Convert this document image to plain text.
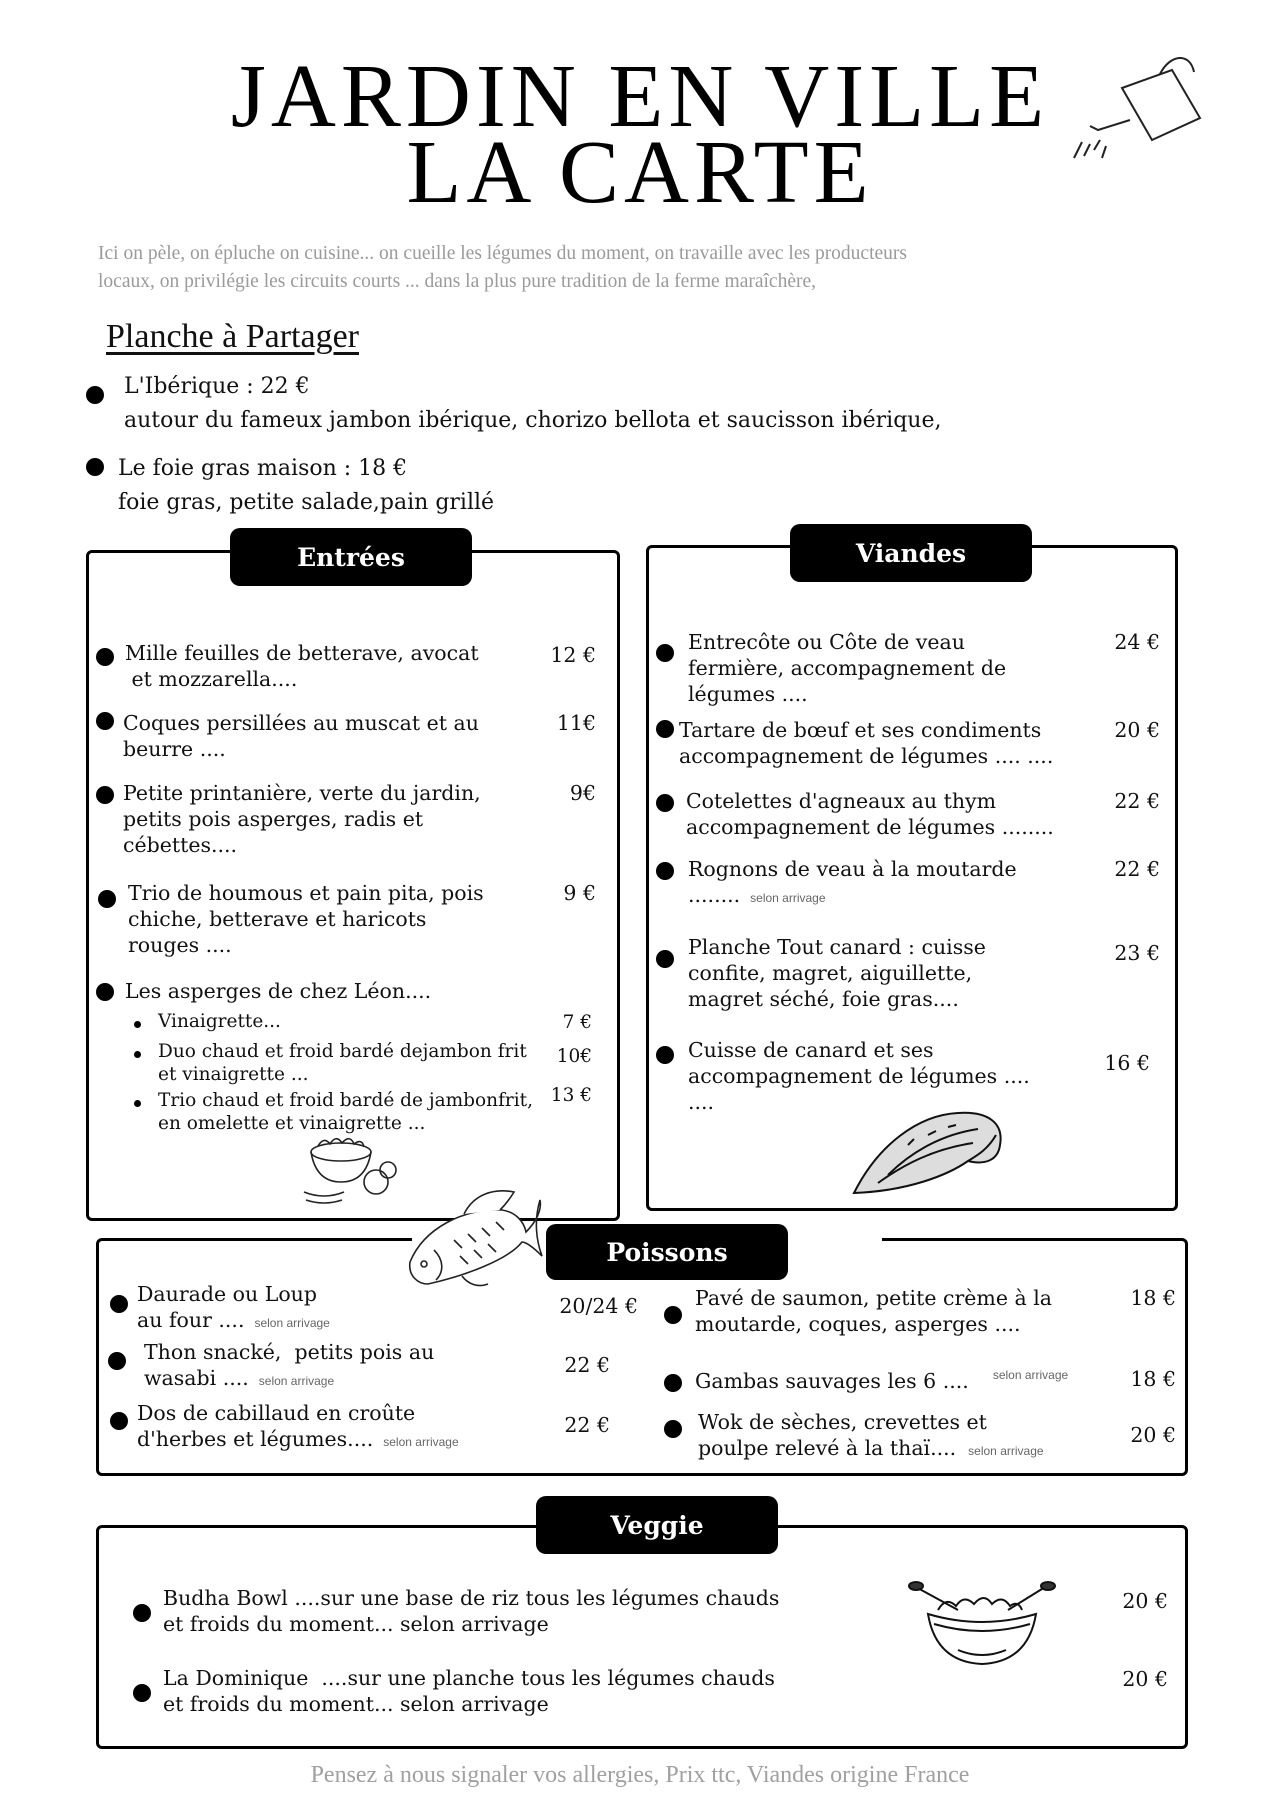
JARDIN EN VILLE
LA CARTE
Ici on pèle, on épluche on cuisine... on cueille les légumes du moment, on travaille avec les producteurs
locaux, on privilégie les circuits courts ... dans la plus pure tradition de la ferme maraîchère,
Planche à Partager
L'Ibérique : 22 €
autour du fameux jambon ibérique, chorizo bellota et saucisson ibérique,
Le foie gras maison : 18 €
foie gras, petite salade,pain grillé
Entrées
Mille feuilles de betterave, avocat
et mozzarella....
12 €
Coques persillées au muscat et au
beurre ....
11€
Petite printanière, verte du jardin,
petits pois asperges, radis et
cébettes....
9€
Trio de houmous et pain pita, pois
chiche, betterave et haricots
rouges ....
9 €
Les asperges de chez Léon....
Vinaigrette...	7 €
Duo chaud et froid bardé dejambon frit et vinaigrette ...
10€
Trio chaud et froid bardé de jambonfrit, en omelette et vinaigrette ...
13 €
Viandes
Entrecôte ou Côte de veau
fermière, accompagnement de
légumes ....
24 €
Tartare de bœuf et ses condiments
accompagnement de légumes .... ....
20 €
Cotelettes d'agneaux au thym
accompagnement de légumes ........
22 €
Rognons de veau à la moutarde
........ selon arrivage
22 €
Planche Tout canard : cuisse
confite, magret, aiguillette,
magret séché, foie gras....
23 €
Cuisse de canard et ses
accompagnement de légumes ....
....
16 €
Poissons
Daurade ou Loup
au four .... selon arrivage
20/24 €
Thon snacké,  petits pois au
wasabi .... selon arrivage
22 €
Dos de cabillaud en croûte
d'herbes et légumes.... selon arrivage
22 €
Pavé de saumon, petite crème à la
moutarde, coques, asperges ....
18 €
Gambas sauvages les 6 .... $^{selon arrivage}$	18 €
Wok de sèches, crevettes et
poulpe relevé à la thaï.... selon arrivage
20 €
Veggie
Budha Bowl ....sur une base de riz tous les légumes chauds
et froids du moment... selon arrivage
20 €
La Dominique  ....sur une planche tous les légumes chauds
et froids du moment... selon arrivage
20 €
Pensez à nous signaler vos allergies, Prix ttc, Viandes origine France
